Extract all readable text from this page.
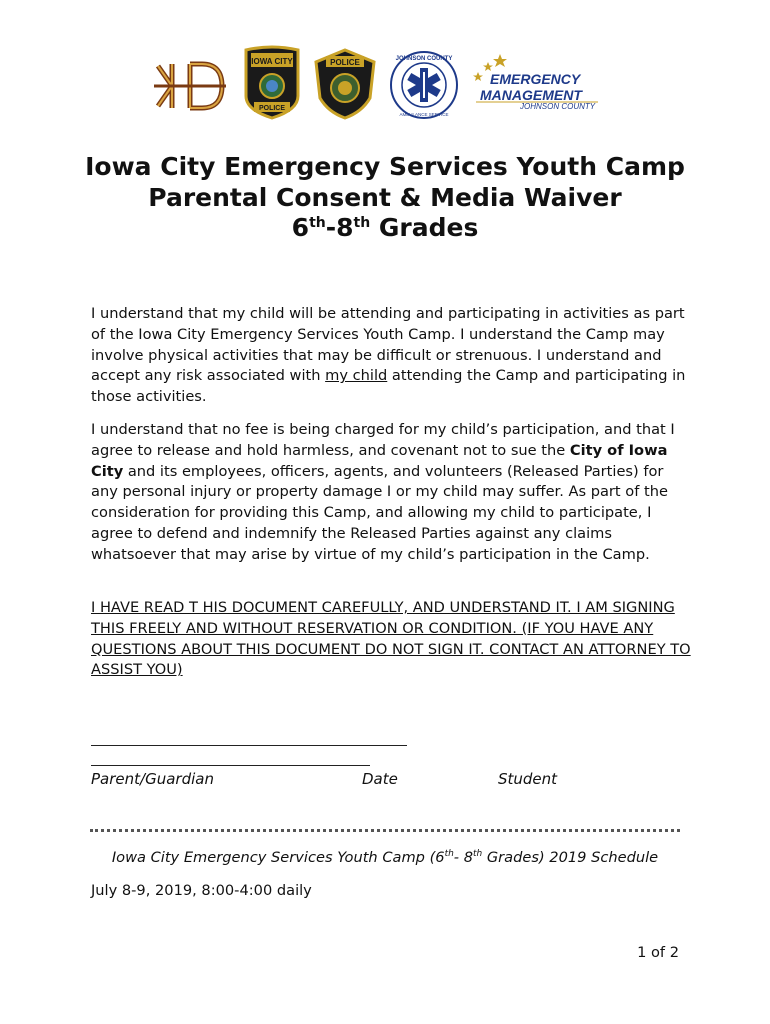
IOWA CITY
POLICE
POLICE	JOHNSON COUNTY
AMBULANCE SERVICE
EMERGENCY
MANAGEMENT
JOHNSON COUNTY
Iowa City Emergency Services Youth Camp
Parental Consent & Media Waiver
6th-8th Grades
I understand that my child will be attending and participating in activities as part of the Iowa City Emergency Services Youth Camp. I understand the Camp may involve physical activities that may be difficult or strenuous. I understand and accept any risk associated with my child attending the Camp and participating in those activities.
I understand that no fee is being charged for my child’s participation, and that I agree to release and hold harmless, and covenant not to sue the City of Iowa City and its employees, officers, agents, and volunteers (Released Parties) for any personal injury or property damage I or my child may suffer. As part of the consideration for providing this Camp, and allowing my child to participate, I agree to defend and indemnify the Released Parties against any claims whatsoever that may arise by virtue of my child’s participation in the Camp.
I HAVE READ T HIS DOCUMENT CAREFULLY, AND UNDERSTAND IT. I AM SIGNING THIS FREELY AND WITHOUT RESERVATION OR CONDITION. (IF YOU HAVE ANY QUESTIONS ABOUT THIS DOCUMENT DO NOT SIGN IT. CONTACT AN ATTORNEY TO ASSIST YOU)
Parent/Guardian	Date	Student
Iowa City Emergency Services Youth Camp (6th- 8th Grades) 2019 Schedule
July 8-9, 2019, 8:00-4:00 daily
1 of 2
